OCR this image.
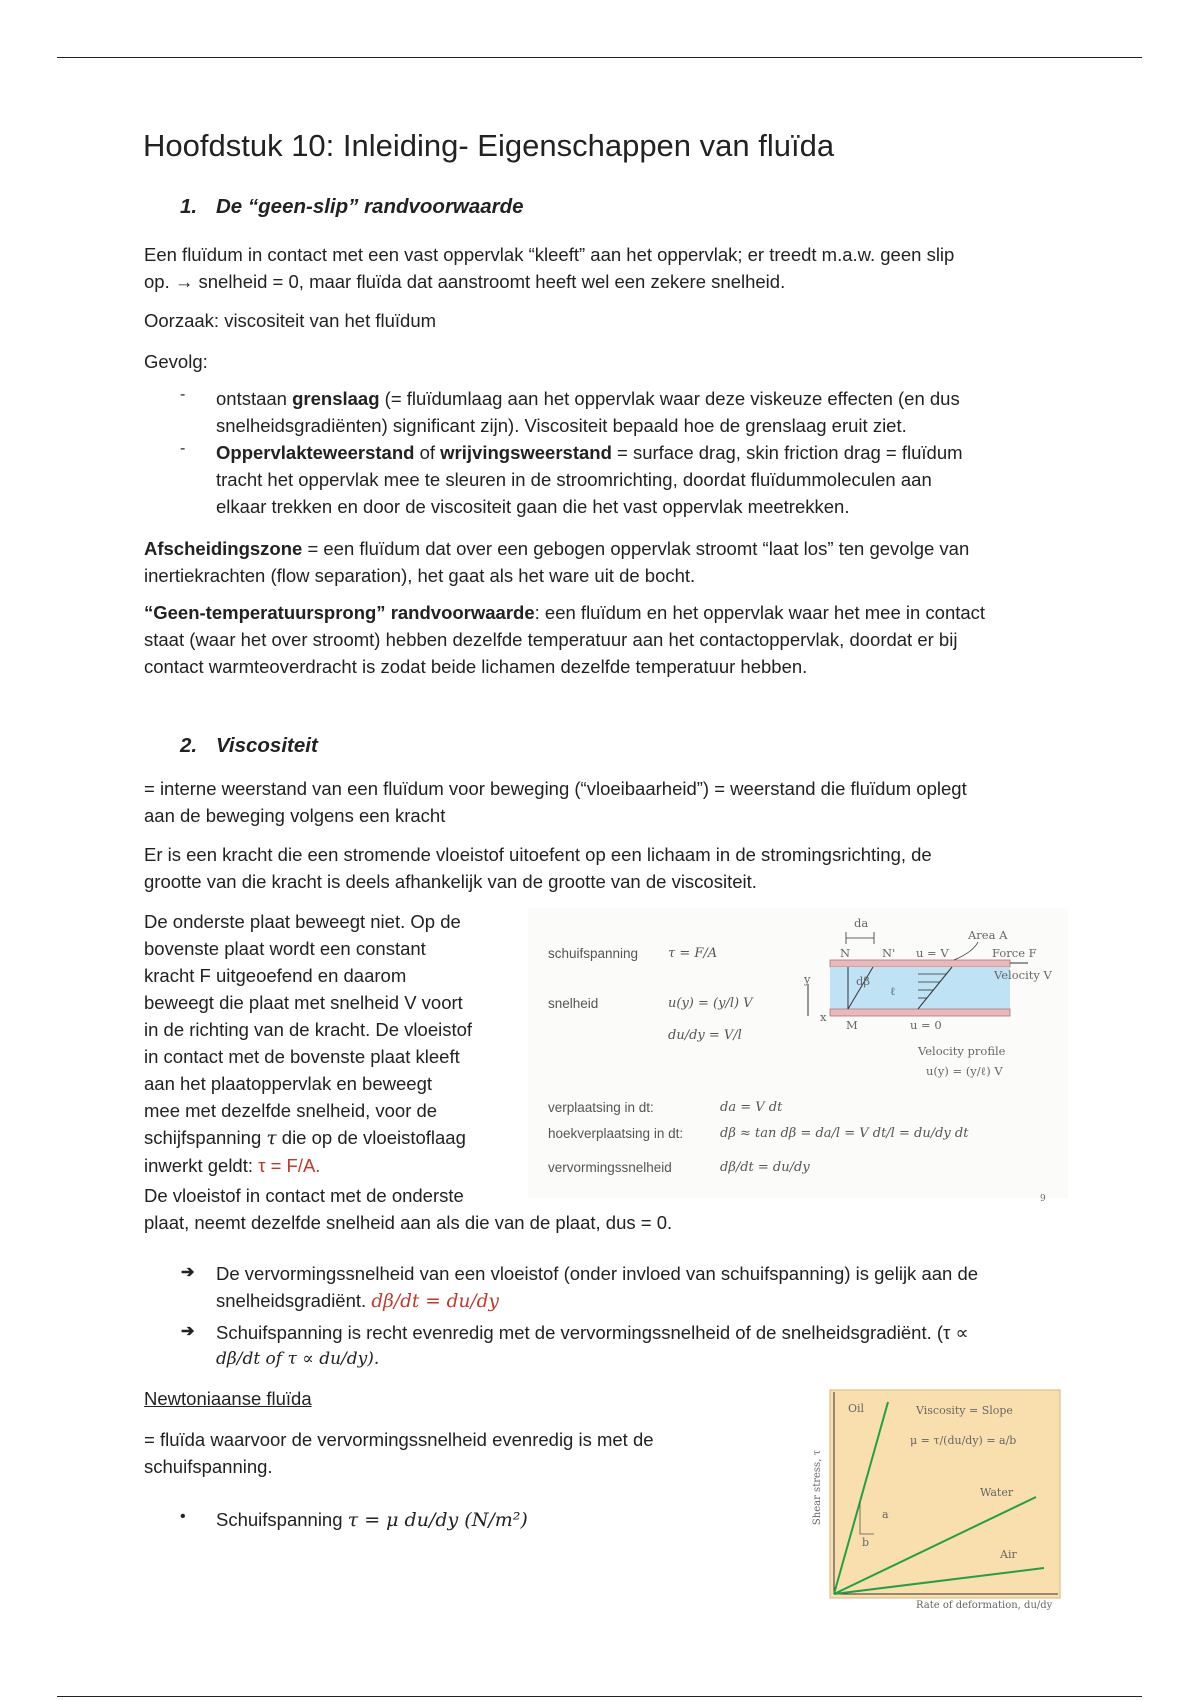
Hoofdstuk 10: Inleiding- Eigenschappen van fluïda
1. De “geen-slip” randvoorwaarde
Een fluïdum in contact met een vast oppervlak “kleeft” aan het oppervlak; er treedt m.a.w. geen slip
op. → snelheid = 0, maar fluïda dat aanstroomt heeft wel een zekere snelheid.
Oorzaak: viscositeit van het fluïdum
Gevolg:
- ontstaan grenslaag (= fluïdumlaag aan het oppervlak waar deze viskeuze effecten (en dus
snelheidsgradiënten) significant zijn). Viscositeit bepaald hoe de grenslaag eruit ziet.
- Oppervlakteweerstand of wrijvingsweerstand = surface drag, skin friction drag = fluïdum
tracht het oppervlak mee te sleuren in de stroomrichting, doordat fluïdummoleculen aan
elkaar trekken en door de viscositeit gaan die het vast oppervlak meetrekken.
Afscheidingszone = een fluïdum dat over een gebogen oppervlak stroomt “laat los” ten gevolge van
inertiekrachten (flow separation), het gaat als het ware uit de bocht.
“Geen-temperatuursprong” randvoorwaarde: een fluïdum en het oppervlak waar het mee in contact
staat (waar het over stroomt) hebben dezelfde temperatuur aan het contactoppervlak, doordat er bij
contact warmteoverdracht is zodat beide lichamen dezelfde temperatuur hebben.
2. Viscositeit
= interne weerstand van een fluïdum voor beweging (“vloeibaarheid”) = weerstand die fluïdum oplegt
aan de beweging volgens een kracht
Er is een kracht die een stromende vloeistof uitoefent op een lichaam in de stromingsrichting, de
grootte van die kracht is deels afhankelijk van de grootte van de viscositeit.
De onderste plaat beweegt niet. Op de
bovenste plaat wordt een constant
kracht F uitgeoefend en daarom
beweegt die plaat met snelheid V voort
in de richting van de kracht. De vloeistof
in contact met de bovenste plaat kleeft
aan het plaatoppervlak en beweegt
mee met dezelfde snelheid, voor de
schijfspanning τ die op de vloeistoflaag
inwerkt geldt: τ = F/A.
De vloeistof in contact met de onderste
plaat, neemt dezelfde snelheid aan als die van de plaat, dus = 0.
schuifspanning τ = F/A
snelheid	u(y) = (y/l) V
du/dy = V/l
verplaatsing in dt:	da = V dt
hoekverplaatsing in dt:	dβ ≈ tan dβ = da/l = V dt/l = du/dy dt
vervormingssnelheid	dβ/dt = du/dy
da
Area A
N	N' u = V	Force F
Velocity V
y
x
dβ
ℓ
M	u = 0
Velocity profile
u(y) = (y/ℓ) V
9
➔ De vervormingssnelheid van een vloeistof (onder invloed van schuifspanning) is gelijk aan de
snelheidsgradiënt. dβ/dt = du/dy
➔ Schuifspanning is recht evenredig met de vervormingssnelheid of de snelheidsgradiënt. (τ ∝
dβ/dt of τ ∝ du/dy).
Newtoniaanse fluïda
= fluïda waarvoor de vervormingssnelheid evenredig is met de
schuifspanning.
• Schuifspanning τ = μ du/dy (N/m²)
Oil	Viscosity = Slope
μ = τ/(du/dy) = a/b
Water
Air
a
b
Shear stress, τ
Rate of deformation, du/dy
